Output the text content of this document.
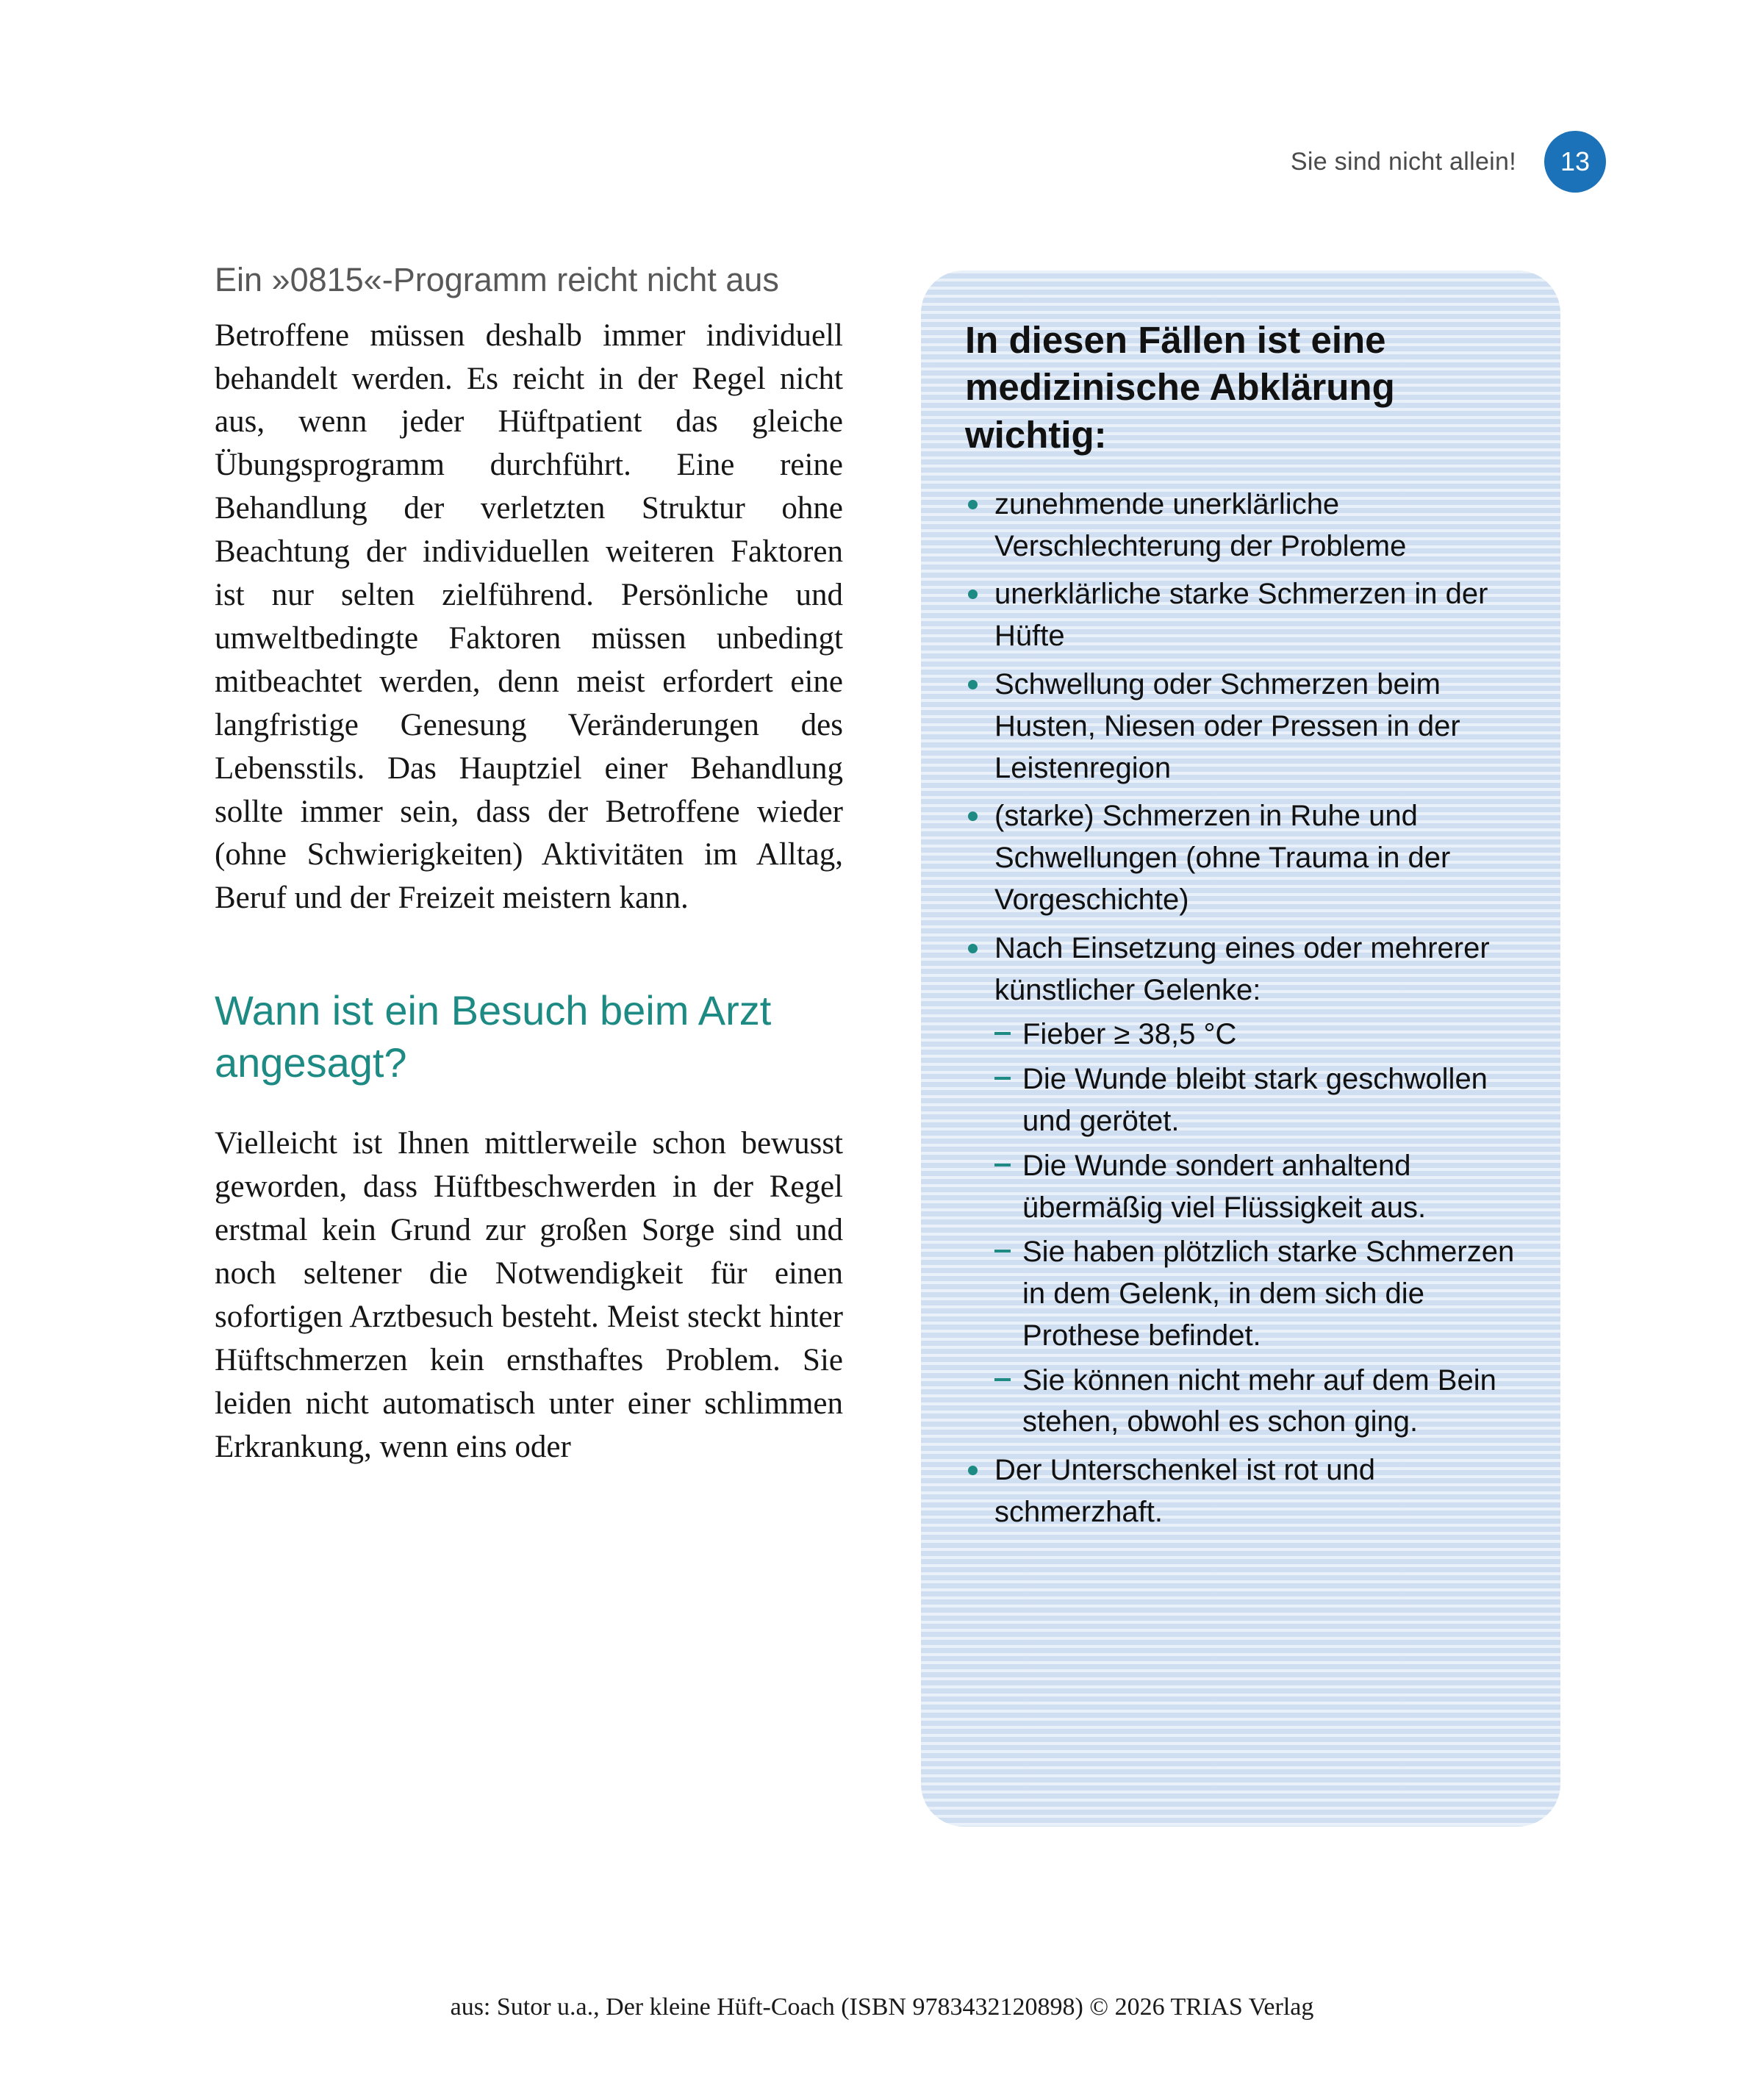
Sie sind nicht allein!	13
Ein »0815«-Programm reicht nicht aus

Betroffene müssen deshalb immer individuell behandelt werden. Es reicht in der Regel nicht aus, wenn jeder Hüftpatient das gleiche Übungsprogramm durchführt. Eine reine Behandlung der verletzten Struktur ohne Beachtung der individuellen weiteren Faktoren ist nur selten zielführend. Persönliche und umweltbedingte Faktoren müssen unbedingt mitbeachtet werden, denn meist erfordert eine langfristige Genesung Veränderungen des Lebensstils. Das Hauptziel einer Behandlung sollte immer sein, dass der Betroffene wieder (ohne Schwierigkeiten) Aktivitäten im Alltag, Beruf und der Freizeit meistern kann.

Wann ist ein Besuch beim Arzt angesagt?

Vielleicht ist Ihnen mittlerweile schon bewusst geworden, dass Hüftbeschwerden in der Regel erstmal kein Grund zur großen Sorge sind und noch seltener die Notwendigkeit für einen sofortigen Arztbesuch besteht. Meist steckt hinter Hüftschmerzen kein ernsthaftes Problem. Sie leiden nicht automatisch unter einer schlimmen Erkrankung, wenn eins oder

In diesen Fällen ist eine medizinische Abklärung wichtig:
zunehmende unerklärliche Verschlechterung der Probleme
unerklärliche starke Schmerzen in der Hüfte
Schwellung oder Schmerzen beim Husten, Niesen oder Pressen in der Leistenregion
(starke) Schmerzen in Ruhe und Schwellungen (ohne Trauma in der Vorgeschichte)
Nach Einsetzung eines oder mehrerer künstlicher Gelenke:
Fieber ≥ 38,5 °C
Die Wunde bleibt stark geschwollen und gerötet.
Die Wunde sondert anhaltend übermäßig viel Flüssigkeit aus.
Sie haben plötzlich starke Schmerzen in dem Gelenk, in dem sich die Prothese befindet.
Sie können nicht mehr auf dem Bein stehen, obwohl es schon ging.
Der Unterschenkel ist rot und schmerzhaft.
aus: Sutor u.a., Der kleine Hüft-Coach (ISBN 9783432120898) © 2026 TRIAS Verlag
